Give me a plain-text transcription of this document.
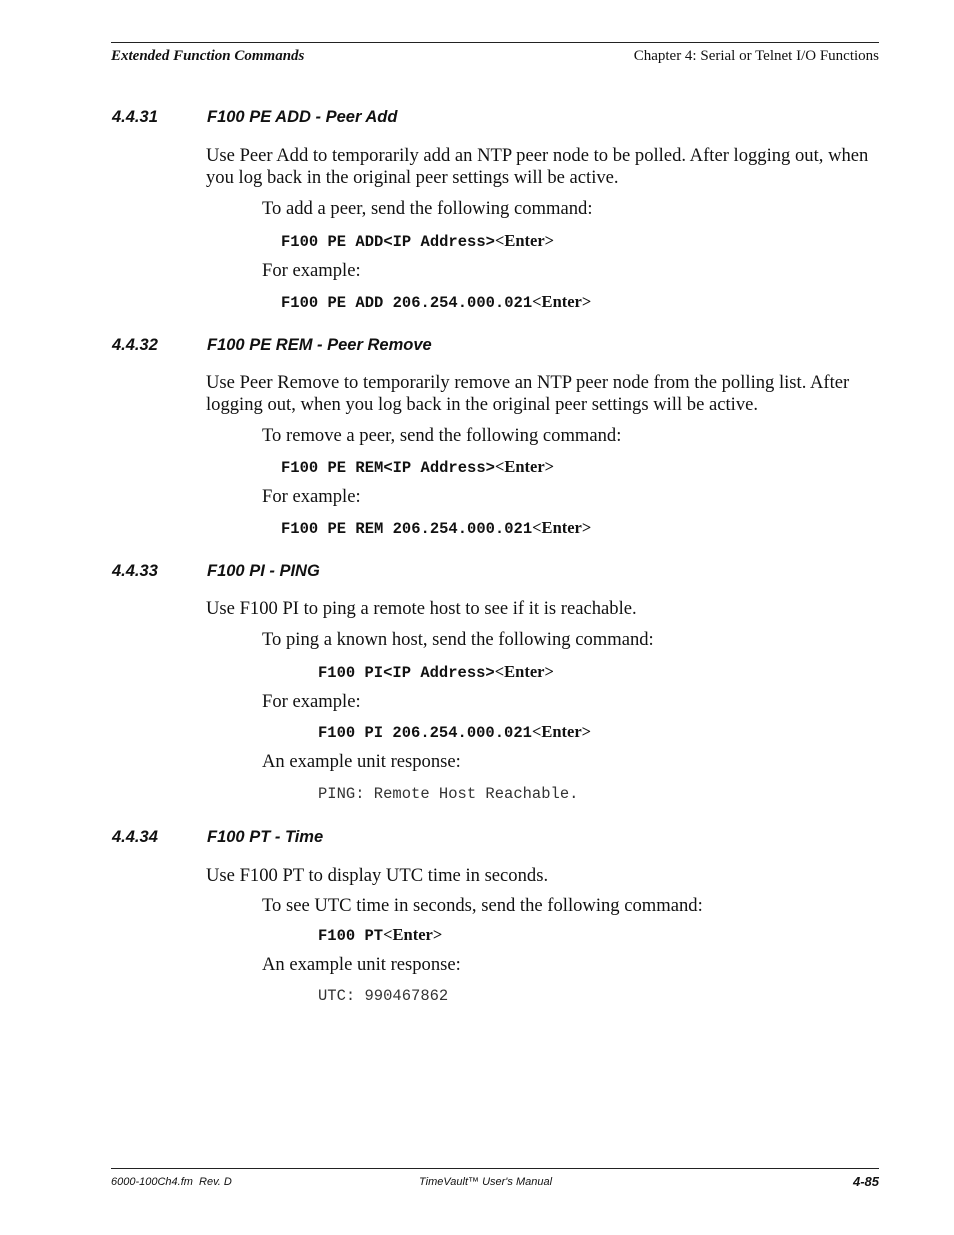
Extended Function Commands	Chapter 4: Serial or Telnet I/O Functions
4.4.31	F100 PE ADD - Peer Add
Use Peer Add to temporarily add an NTP peer node to be polled. After logging out, when you log back in the original peer settings will be active.
To add a peer, send the following command:
F100 PE ADD<IP Address><Enter>
For example:
F100 PE ADD 206.254.000.021<Enter>
4.4.32	F100 PE REM - Peer Remove
Use Peer Remove to temporarily remove an NTP peer node from the polling list. After logging out, when you log back in the original peer settings will be active.
To remove a peer, send the following command:
F100 PE REM<IP Address><Enter>
For example:
F100 PE REM 206.254.000.021<Enter>
4.4.33	F100 PI - PING
Use F100 PI to ping a remote host to see if it is reachable.
To ping a known host, send the following command:
F100 PI<IP Address><Enter>
For example:
F100 PI 206.254.000.021<Enter>
An example unit response:
PING: Remote Host Reachable.
4.4.34	F100 PT - Time
Use F100 PT to display UTC time in seconds.
To see UTC time in seconds, send the following command:
F100 PT<Enter>
An example unit response:
UTC: 990467862
6000-100Ch4.fm  Rev. D	TimeVault™ User's Manual	4-85
